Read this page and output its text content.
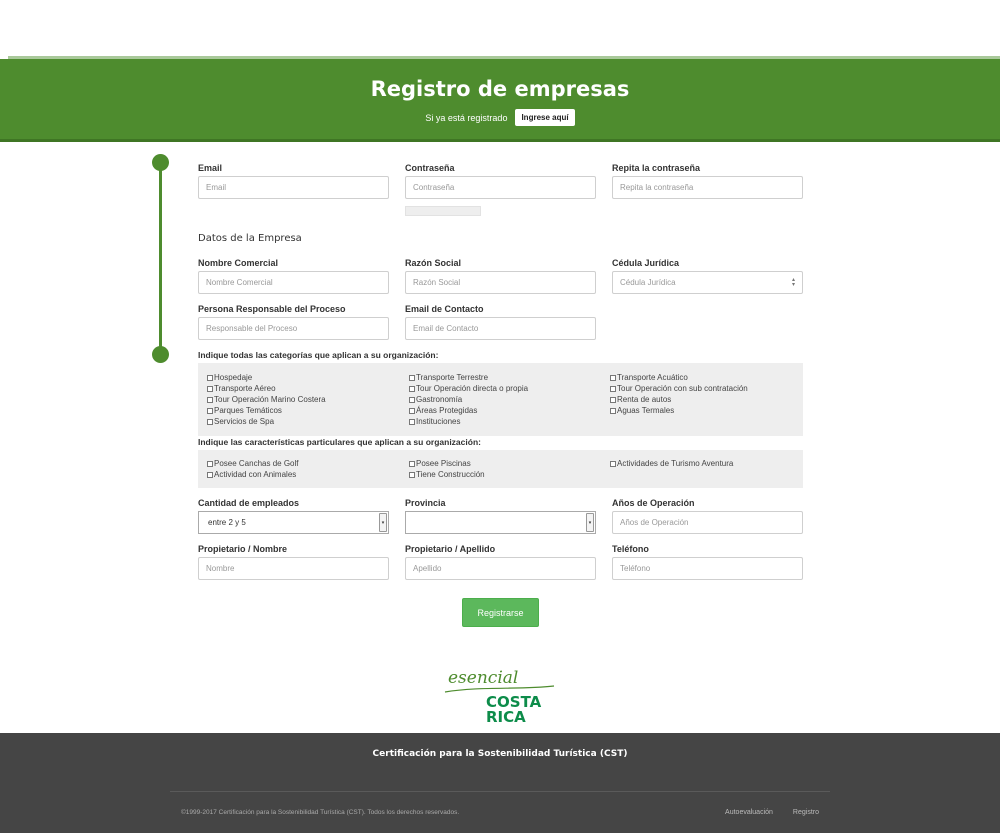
Registro de empresas
Si ya está registrado	Ingrese aquí
Email
Email
Contraseña
Contraseña
Repita la contraseña
Repita la contraseña
Datos de la Empresa
Nombre Comercial
Nombre Comercial
Razón Social
Razón Social
Cédula Jurídica
Cédula Jurídica	▴
▾
Persona Responsable del Proceso
Responsable del Proceso
Email de Contacto
Email de Contacto
Indique todas las categorías que aplican a su organización:
Hospedaje
Transporte Aéreo
Tour Operación Marino Costera
Parques Temáticos
Servicios de Spa
Transporte Terrestre
Tour Operación directa o propia
Gastronomía
Áreas Protegidas
Instituciones
Transporte Acuático
Tour Operación con sub contratación
Renta de autos
Aguas Termales
Indique las características particulares que aplican a su organización:
Posee Canchas de Golf
Actividad con Animales
Posee Piscinas
Tiene Construcción
Actividades de Turismo Aventura
Cantidad de empleados
entre 2 y 5	▾
Provincia
▾
Años de Operación
Años de Operación
Propietario / Nombre
Nombre
Propietario / Apellido
Apellido
Teléfono
Teléfono
Registrarse
esencial
COSTA
RICA
Certificación para la Sostenibilidad Turística (CST)
©1999-2017 Certificación para la Sostenibilidad Turística (CST). Todos los derechos reservados.	Autoevaluación	Registro
